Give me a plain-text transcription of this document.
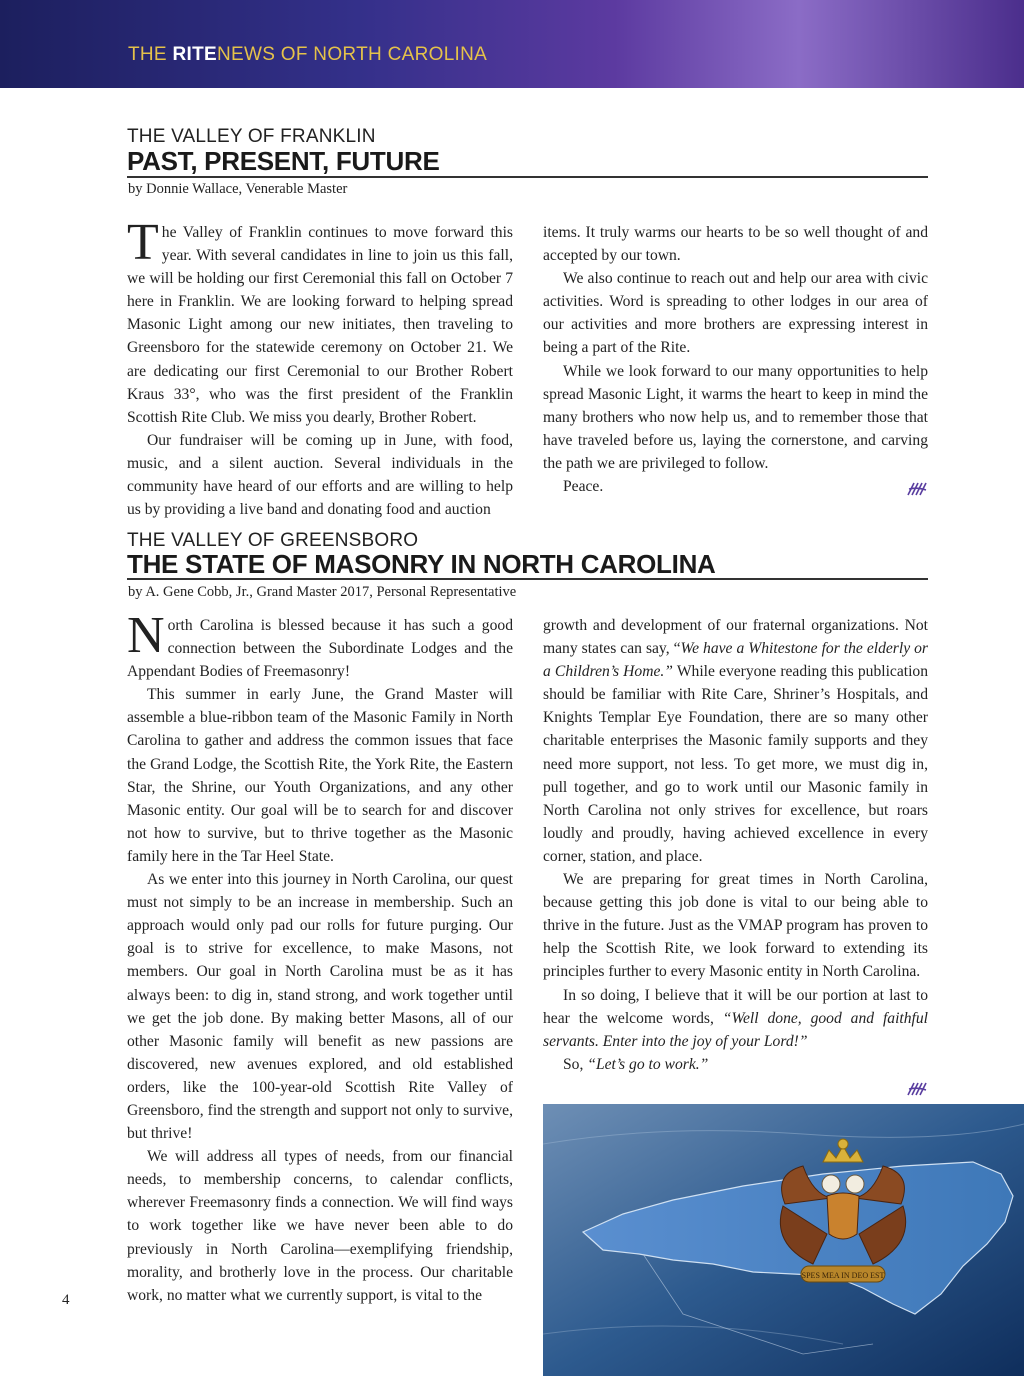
THE RITENEWS OF NORTH CAROLINA
THE VALLEY OF FRANKLIN
PAST, PRESENT, FUTURE
by Donnie Wallace, Venerable Master

The Valley of Franklin continues to move forward this year. With several candidates in line to join us this fall, we will be holding our first Ceremonial this fall on October 7 here in Franklin. We are looking forward to helping spread Masonic Light among our new initiates, then traveling to Greensboro for the statewide ceremony on October 21. We are dedicating our first Ceremonial to our Brother Robert Kraus 33°, who was the first president of the Franklin Scottish Rite Club. We miss you dearly, Brother Robert.

Our fundraiser will be coming up in June, with food, music, and a silent auction. Several individuals in the community have heard of our efforts and are willing to help us by providing a live band and donating food and auction

items. It truly warms our hearts to be so well thought of and accepted by our town.

We also continue to reach out and help our area with civic activities. Word is spreading to other lodges in our area of our activities and more brothers are expressing interest in being a part of the Rite.

While we look forward to our many opportunities to help spread Masonic Light, it warms the heart to keep in mind the many brothers who now help us, and to remember those that have traveled before us, laying the cornerstone, and carving the path we are privileged to follow.

Peace.

THE VALLEY OF GREENSBORO
THE STATE OF MASONRY IN NORTH CAROLINA
by A. Gene Cobb, Jr., Grand Master 2017, Personal Representative

North Carolina is blessed because it has such a good connection between the Subordinate Lodges and the Appendant Bodies of Freemasonry!

This summer in early June, the Grand Master will assemble a blue-ribbon team of the Masonic Family in North Carolina to gather and address the common issues that face the Grand Lodge, the Scottish Rite, the York Rite, the Eastern Star, the Shrine, our Youth Organizations, and any other Masonic entity. Our goal will be to search for and discover not how to survive, but to thrive together as the Masonic family here in the Tar Heel State.

As we enter into this journey in North Carolina, our quest must not simply to be an increase in membership. Such an approach would only pad our rolls for future purging. Our goal is to strive for excellence, to make Masons, not members. Our goal in North Carolina must be as it has always been: to dig in, stand strong, and work together until we get the job done. By making better Masons, all of our other Masonic family will benefit as new passions are discovered, new avenues explored, and old established orders, like the 100-year-old Scottish Rite Valley of Greensboro, find the strength and support not only to survive, but thrive!

We will address all types of needs, from our financial needs, to membership concerns, to calendar conflicts, wherever Freemasonry finds a connection. We will find ways to work together like we have never been able to do previously in North Carolina—exemplifying friendship, morality, and brotherly love in the process. Our charitable work, no matter what we currently support, is vital to the

growth and development of our fraternal organizations. Not many states can say, “We have a Whitestone for the elderly or a Children’s Home.” While everyone reading this publication should be familiar with Rite Care, Shriner’s Hospitals, and Knights Templar Eye Foundation, there are so many other charitable enterprises the Masonic family supports and they need more support, not less. To get more, we must dig in, pull together, and go to work until our Masonic family in North Carolina not only strives for excellence, but roars loudly and proudly, having achieved excellence in every corner, station, and place.

We are preparing for great times in North Carolina, because getting this job done is vital to our being able to thrive in the future. Just as the VMAP program has proven to help the Scottish Rite, we look forward to extending its principles further to every Masonic entity in North Carolina.

In so doing, I believe that it will be our portion at last to hear the welcome words, “Well done, good and faithful servants. Enter into the joy of your Lord!”

So, “Let’s go to work.”

SPES MEA IN DEO EST
4
